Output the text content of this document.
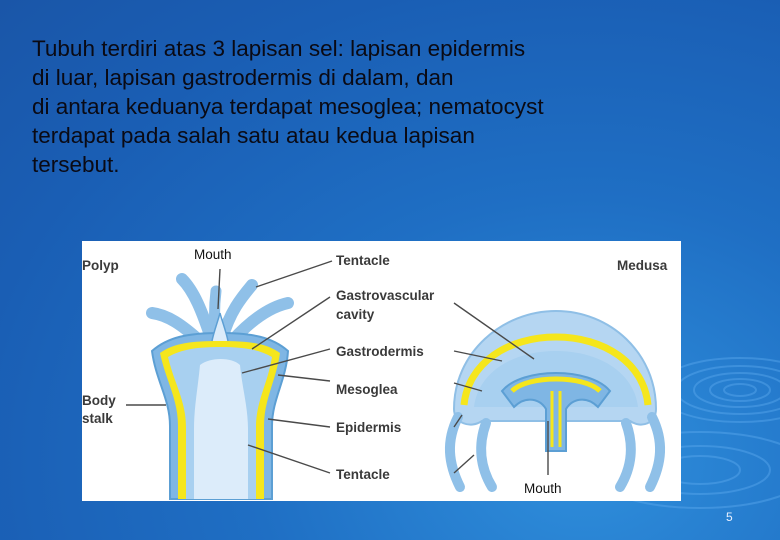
Tubuh terdiri atas 3 lapisan sel: lapisan epidermis
di luar, lapisan gastrodermis di dalam, dan
di antara keduanya terdapat mesoglea; nematocyst
terdapat pada salah satu atau kedua lapisan
tersebut.
Polyp	Medusa
Body
stalk
Tentacle
Gastrovascular
cavity
Gastrodermis
Mesoglea
Epidermis
Tentacle
Mouth
Mouth
5
